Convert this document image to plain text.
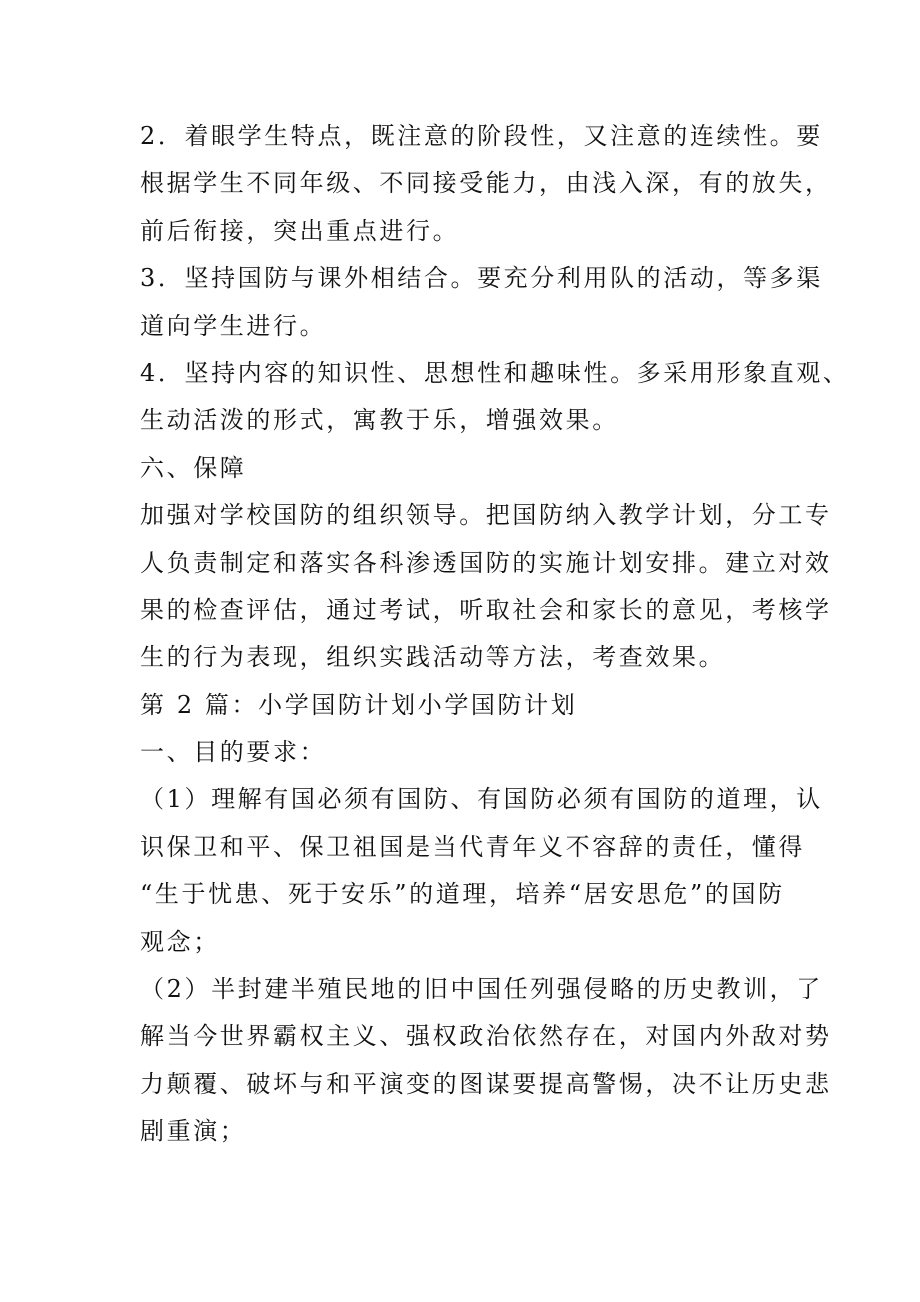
2．着眼学生特点，既注意的阶段性，又注意的连续性。要
根据学生不同年级、不同接受能力，由浅入深，有的放失，
前后衔接，突出重点进行。
3．坚持国防与课外相结合。要充分利用队的活动，等多渠
道向学生进行。
4．坚持内容的知识性、思想性和趣味性。多采用形象直观、
生动活泼的形式，寓教于乐，增强效果。
六、保障
加强对学校国防的组织领导。把国防纳入教学计划，分工专
人负责制定和落实各科渗透国防的实施计划安排。建立对效
果的检查评估，通过考试，听取社会和家长的意见，考核学
生的行为表现，组织实践活动等方法，考查效果。
第 2 篇：小学国防计划小学国防计划
一、目的要求：
（1）理解有国必须有国防、有国防必须有国防的道理，认
识保卫和平、保卫祖国是当代青年义不容辞的责任，懂得
“生于忧患、死于安乐”的道理，培养“居安思危”的国防
观念；
（2）半封建半殖民地的旧中国任列强侵略的历史教训，了
解当今世界霸权主义、强权政治依然存在，对国内外敌对势
力颠覆、破坏与和平演变的图谋要提高警惕，决不让历史悲
剧重演；
